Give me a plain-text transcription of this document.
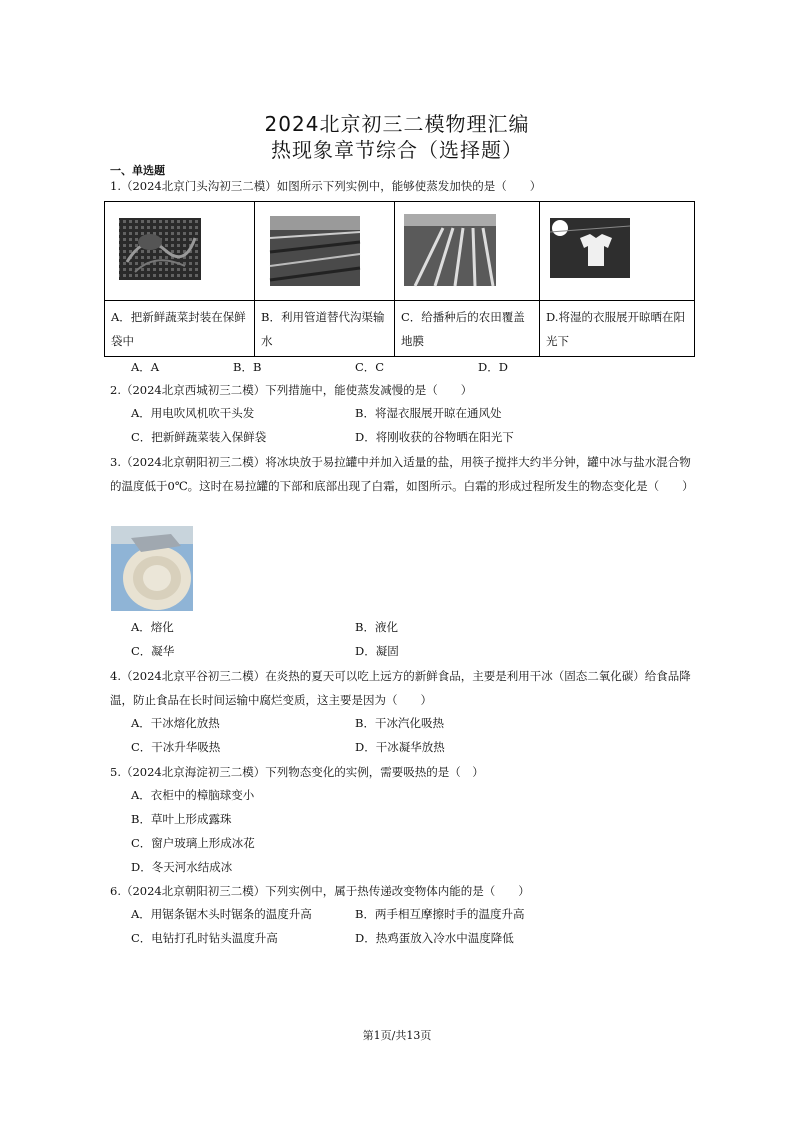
2024北京初三二模物理汇编
热现象章节综合（选择题）
一、单选题
1.（2024北京门头沟初三二模）如图所示下列实例中，能够使蒸发加快的是（　　）

A．把新鲜蔬菜封装在保鲜袋中	B．利用管道替代沟渠输水	C．给播种后的农田覆盖地膜	D.将湿的衣服展开晾晒在阳光下
A．A	B．B	C．C	D．D
2.（2024北京西城初三二模）下列措施中，能使蒸发减慢的是（　　）
A．用电吹风机吹干头发	B．将湿衣服展开晾在通风处
C．把新鲜蔬菜装入保鲜袋	D．将刚收获的谷物晒在阳光下
3.（2024北京朝阳初三二模）将冰块放于易拉罐中并加入适量的盐，用筷子搅拌大约半分钟，罐中冰与盐水混合物的温度低于0℃。这时在易拉罐的下部和底部出现了白霜，如图所示。白霜的形成过程所发生的物态变化是（　　）
A．熔化	B．液化
C．凝华	D．凝固
4.（2024北京平谷初三二模）在炎热的夏天可以吃上远方的新鲜食品，主要是利用干冰（固态二氧化碳）给食品降温，防止食品在长时间运输中腐烂变质，这主要是因为（　　）
A．干冰熔化放热	B．干冰汽化吸热
C．干冰升华吸热	D．干冰凝华放热
5.（2024北京海淀初三二模）下列物态变化的实例，需要吸热的是（　）
A．衣柜中的樟脑球变小
B．草叶上形成露珠
C．窗户玻璃上形成冰花
D．冬天河水结成冰
6.（2024北京朝阳初三二模）下列实例中，属于热传递改变物体内能的是（　　）
A．用锯条锯木头时锯条的温度升高	B．两手相互摩擦时手的温度升高
C．电钻打孔时钻头温度升高	D．热鸡蛋放入冷水中温度降低
第1页/共13页
